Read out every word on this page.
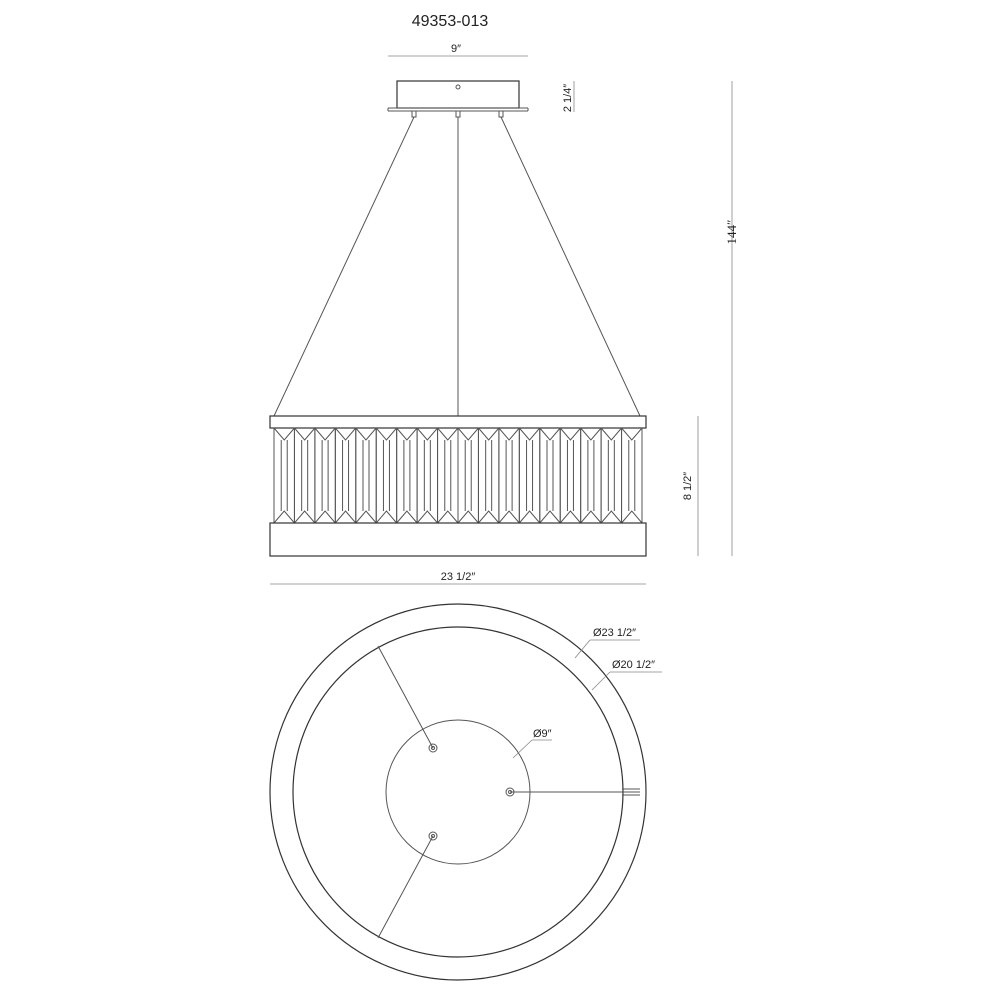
49353-013
9″
2 1/4″
8 1/2″
144″
23 1/2″
Ø23 1/2″
Ø20 1/2″
Ø9″
